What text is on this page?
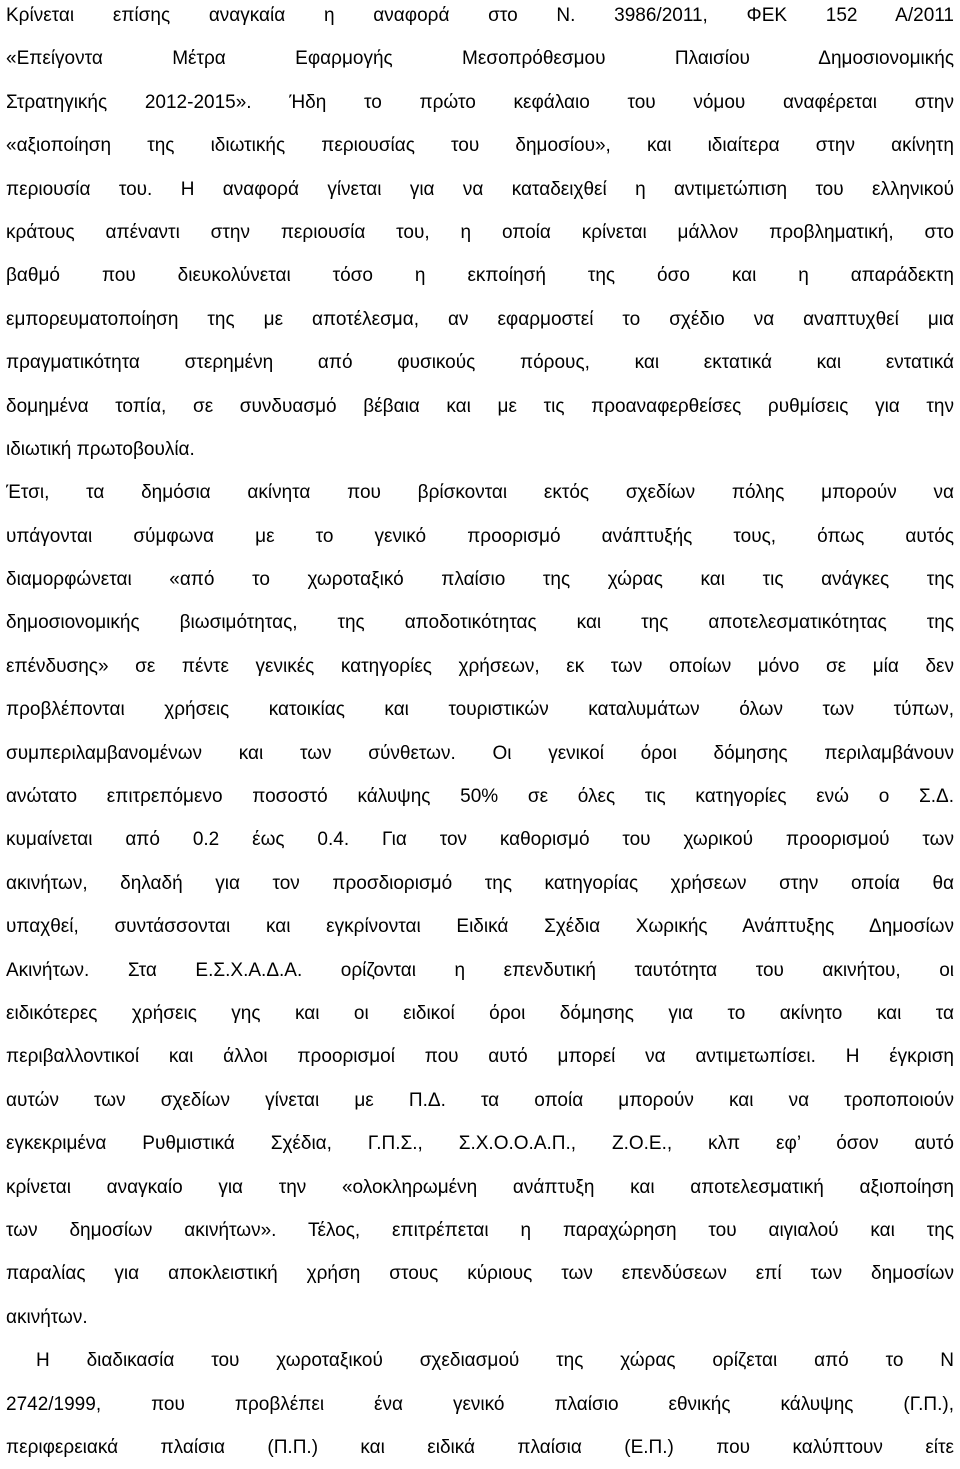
Κρίνεται επίσης αναγκαία η αναφορά στο Ν. 3986/2011, ΦΕΚ 152 Α/2011
«Επείγοντα Μέτρα Εφαρμογής Μεσοπρόθεσμου Πλαισίου Δημοσιονομικής
Στρατηγικής 2012-2015». Ήδη το πρώτο κεφάλαιο του νόμου αναφέρεται στην
«αξιοποίηση της ιδιωτικής περιουσίας του δημοσίου», και ιδιαίτερα στην ακίνητη
περιουσία του. Η αναφορά γίνεται για να καταδειχθεί η αντιμετώπιση του ελληνικού
κράτους απέναντι στην περιουσία του, η οποία κρίνεται μάλλον προβληματική, στο
βαθμό που διευκολύνεται τόσο η εκποίησή της όσο και η απαράδεκτη
εμπορευματοποίηση της με αποτέλεσμα, αν εφαρμοστεί το σχέδιο να αναπτυχθεί μια
πραγματικότητα στερημένη από φυσικούς πόρους, και εκτατικά και εντατικά
δομημένα τοπία, σε συνδυασμό βέβαια και με τις προαναφερθείσες ρυθμίσεις για την
ιδιωτική πρωτοβουλία.
Έτσι, τα δημόσια ακίνητα που βρίσκονται εκτός σχεδίων πόλης μπορούν να
υπάγονται σύμφωνα με το γενικό προορισμό ανάπτυξής τους, όπως αυτός
διαμορφώνεται «από το χωροταξικό πλαίσιο της χώρας και τις ανάγκες της
δημοσιονομικής βιωσιμότητας, της αποδοτικότητας και της αποτελεσματικότητας της
επένδυσης» σε πέντε γενικές κατηγορίες χρήσεων, εκ των οποίων μόνο σε μία δεν
προβλέπονται χρήσεις κατοικίας και τουριστικών καταλυμάτων όλων των τύπων,
συμπεριλαμβανομένων και των σύνθετων. Οι γενικοί όροι δόμησης περιλαμβάνουν
ανώτατο επιτρεπόμενο ποσοστό κάλυψης 50% σε όλες τις κατηγορίες ενώ ο Σ.Δ.
κυμαίνεται από 0.2 έως 0.4. Για τον καθορισμό του χωρικού προορισμού των
ακινήτων, δηλαδή για τον προσδιορισμό της κατηγορίας χρήσεων στην οποία θα
υπαχθεί, συντάσσονται και εγκρίνονται Ειδικά Σχέδια Χωρικής Ανάπτυξης Δημοσίων
Ακινήτων. Στα Ε.Σ.Χ.Α.Δ.Α. ορίζονται η επενδυτική ταυτότητα του ακινήτου, οι
ειδικότερες χρήσεις γης και οι ειδικοί όροι δόμησης για το ακίνητο και τα
περιβαλλοντικοί και άλλοι προορισμοί που αυτό μπορεί να αντιμετωπίσει. Η έγκριση
αυτών των σχεδίων γίνεται με Π.Δ. τα οποία μπορούν και να τροποποιούν
εγκεκριμένα Ρυθμιστικά Σχέδια, Γ.Π.Σ., Σ.Χ.Ο.Ο.Α.Π., Ζ.Ο.Ε., κλπ εφ’ όσον αυτό
κρίνεται αναγκαίο για την «ολοκληρωμένη ανάπτυξη και αποτελεσματική αξιοποίηση
των δημοσίων ακινήτων». Τέλος, επιτρέπεται η παραχώρηση του αιγιαλού και της
παραλίας για αποκλειστική χρήση στους κύριους των επενδύσεων επί των δημοσίων
ακινήτων.
Η διαδικασία του χωροταξικού σχεδιασμού της χώρας ορίζεται από το Ν
2742/1999, που προβλέπει ένα γενικό πλαίσιο εθνικής κάλυψης (Γ.Π.),
περιφερειακά πλαίσια (Π.Π.) και ειδικά πλαίσια (Ε.Π.) που καλύπτουν είτε
